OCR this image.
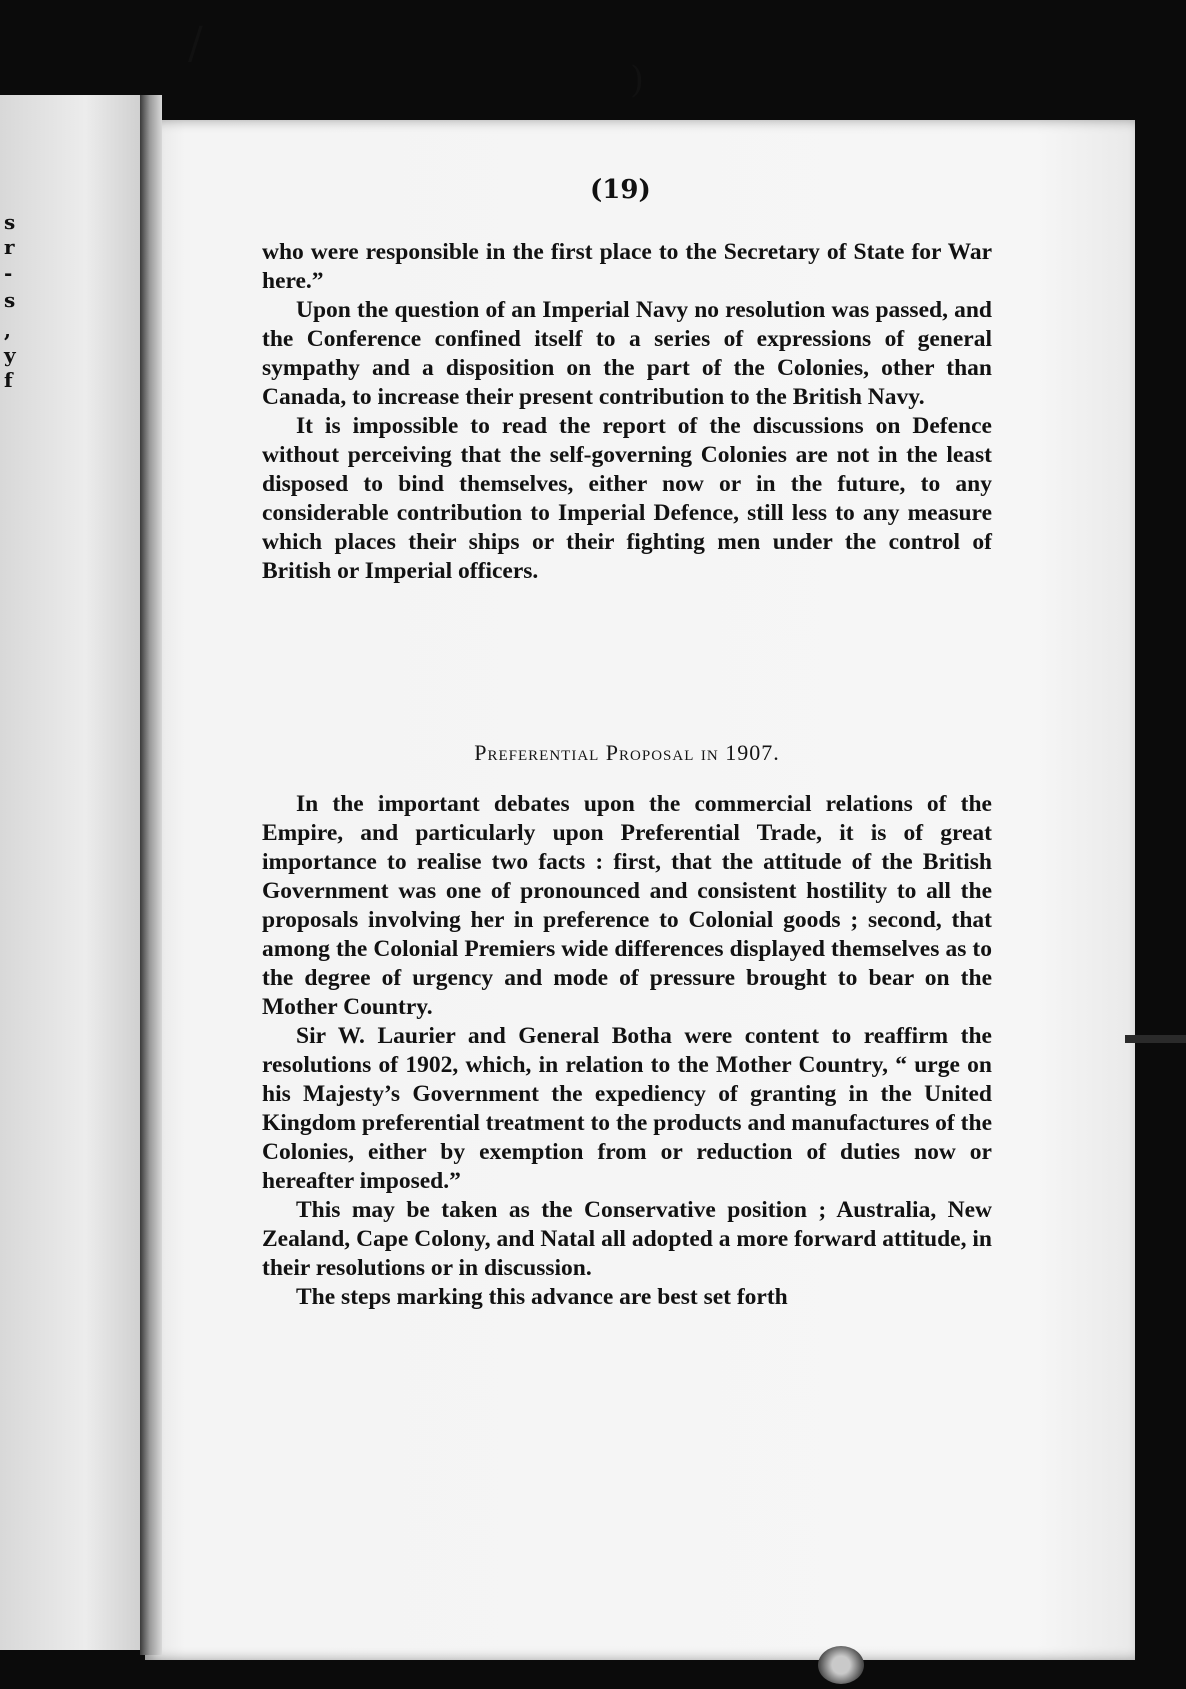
s
r
-
s
,
y
f
/
)
(19)

who were responsible in the first place to the Secretary of State for War here.”

Upon the question of an Imperial Navy no resolution was passed, and the Conference confined itself to a series of expressions of general sympathy and a disposition on the part of the Colonies, other than Canada, to increase their present contribution to the British Navy.

It is impossible to read the report of the discussions on Defence without perceiving that the self-governing Colonies are not in the least disposed to bind themselves, either now or in the future, to any considerable contribution to Imperial Defence, still less to any measure which places their ships or their fighting men under the control of British or Imperial officers.

Preferential Proposal in 1907.

In the important debates upon the commercial relations of the Empire, and particularly upon Preferential Trade, it is of great importance to realise two facts : first, that the attitude of the British Government was one of pronounced and consistent hostility to all the proposals involving her in preference to Colonial goods ; second, that among the Colonial Premiers wide differences displayed themselves as to the degree of urgency and mode of pressure brought to bear on the Mother Country.

Sir W. Laurier and General Botha were content to reaffirm the resolutions of 1902, which, in relation to the Mother Country, “ urge on his Majesty’s Government the expediency of granting in the United Kingdom preferential treatment to the products and manufactures of the Colonies, either by exemption from or reduction of duties now or hereafter imposed.”

This may be taken as the Conservative position ; Australia, New Zealand, Cape Colony, and Natal all adopted a more forward attitude, in their resolutions or in discussion.

The steps marking this advance are best set forth
